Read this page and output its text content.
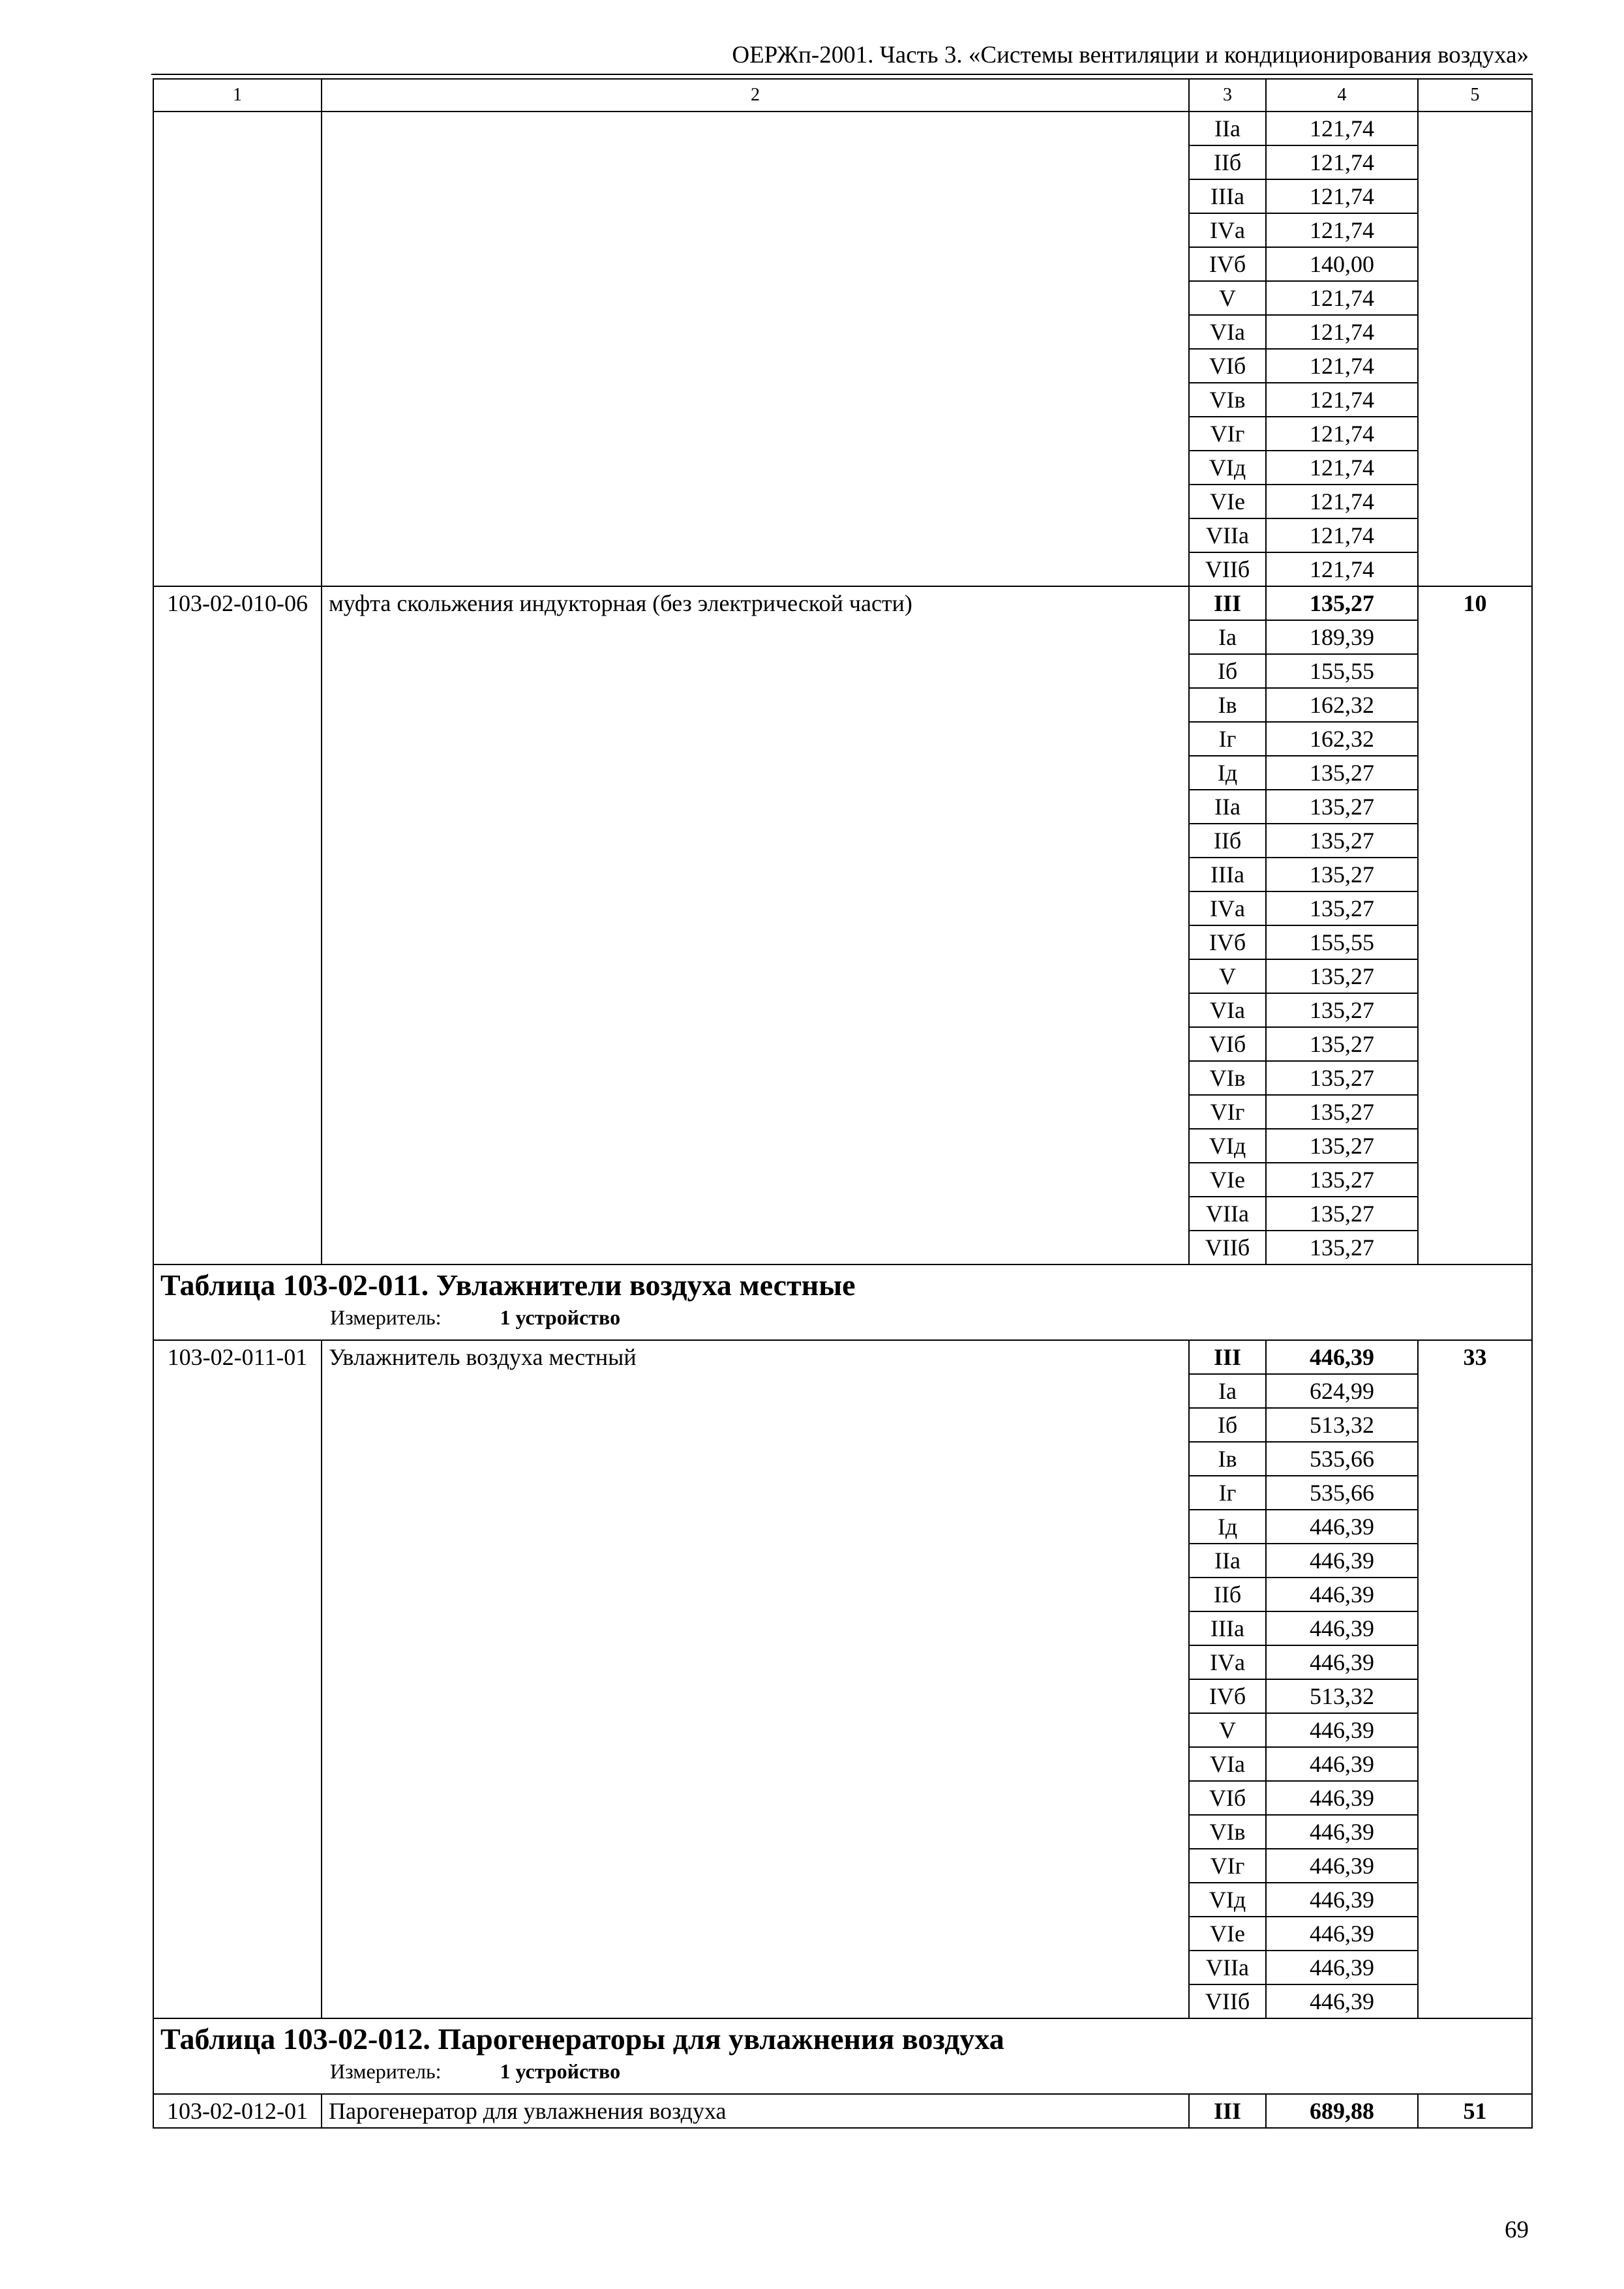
ОЕРЖп-2001. Часть 3. «Системы вентиляции и кондиционирования воздуха»
1	2	3	4	5
		IIа	121,74	
		IIб	121,74	
		IIIа	121,74	
		IVа	121,74	
		IVб	140,00	
		V	121,74	
		VIа	121,74	
		VIб	121,74	
		VIв	121,74	
		VIг	121,74	
		VIд	121,74	
		VIе	121,74	
		VIIа	121,74	
		VIIб	121,74	
103-02-010-06	муфта скольжения индукторная (без электрической части)	III	135,27	10
		Iа	189,39	
		Iб	155,55	
		Iв	162,32	
		Iг	162,32	
		Iд	135,27	
		IIа	135,27	
		IIб	135,27	
		IIIа	135,27	
		IVа	135,27	
		IVб	155,55	
		V	135,27	
		VIа	135,27	
		VIб	135,27	
		VIв	135,27	
		VIг	135,27	
		VIд	135,27	
		VIе	135,27	
		VIIа	135,27	
		VIIб	135,27	

Таблица 103-02-011. Увлажнители воздуха местные
Измеритель: 1 устройство				

103-02-011-01	Увлажнитель воздуха местный	III	446,39	33
		Iа	624,99	
		Iб	513,32	
		Iв	535,66	
		Iг	535,66	
		Iд	446,39	
		IIа	446,39	
		IIб	446,39	
		IIIа	446,39	
		IVа	446,39	
		IVб	513,32	
		V	446,39	
		VIа	446,39	
		VIб	446,39	
		VIв	446,39	
		VIг	446,39	
		VIд	446,39	
		VIе	446,39	
		VIIа	446,39	
		VIIб	446,39	

Таблица 103-02-012. Парогенераторы для увлажнения воздуха
Измеритель: 1 устройство				

103-02-012-01	Парогенератор для увлажнения воздуха	III	689,88	51
69
